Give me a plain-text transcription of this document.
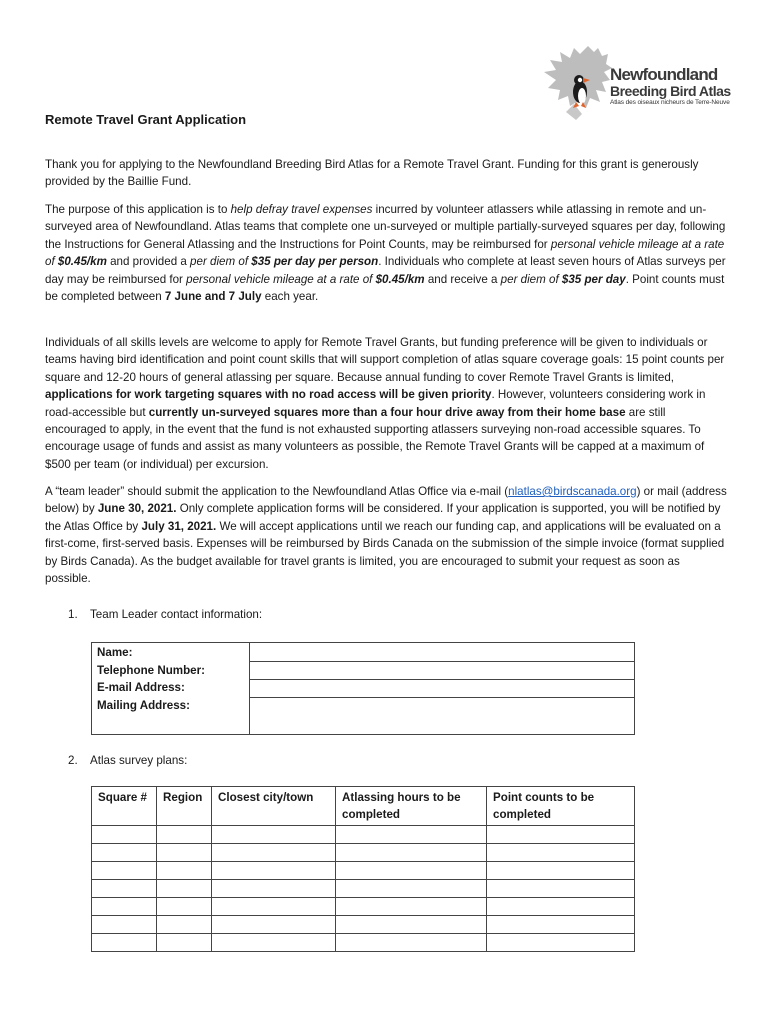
Newfoundland
Breeding Bird Atlas
Atlas des oiseaux nicheurs de Terre-Neuve
Remote Travel Grant Application

Thank you for applying to the Newfoundland Breeding Bird Atlas for a Remote Travel Grant. Funding for this grant is generously provided by the Baillie Fund.

The purpose of this application is to help defray travel expenses incurred by volunteer atlassers while atlassing in remote and un-surveyed area of Newfoundland. Atlas teams that complete one un-surveyed or multiple partially-surveyed squares per day, following the Instructions for General Atlassing and the Instructions for Point Counts, may be reimbursed for personal vehicle mileage at a rate of $0.45/km and provided a per diem of $35 per day per person. Individuals who complete at least seven hours of Atlas surveys per day may be reimbursed for personal vehicle mileage at a rate of $0.45/km and receive a per diem of $35 per day. Point counts must be completed between 7 June and 7 July each year.

Individuals of all skills levels are welcome to apply for Remote Travel Grants, but funding preference will be given to individuals or teams having bird identification and point count skills that will support completion of atlas square coverage goals: 15 point counts per square and 12-20 hours of general atlassing per square. Because annual funding to cover Remote Travel Grants is limited, applications for work targeting squares with no road access will be given priority. However, volunteers considering work in road-accessible but currently un-surveyed squares more than a four hour drive away from their home base are still encouraged to apply, in the event that the fund is not exhausted supporting atlassers surveying non-road accessible squares. To encourage usage of funds and assist as many volunteers as possible, the Remote Travel Grants will be capped at a maximum of $500 per team (or individual) per excursion.

A “team leader” should submit the application to the Newfoundland Atlas Office via e-mail (nlatlas@birdscanada.org) or mail (address below) by June 30, 2021. Only complete application forms will be considered. If your application is supported, you will be notified by the Atlas Office by July 31, 2021. We will accept applications until we reach our funding cap, and applications will be evaluated on a first-come, first-served basis. Expenses will be reimbursed by Birds Canada on the submission of the simple invoice (format supplied by Birds Canada). As the budget available for travel grants is limited, you are encouraged to submit your request as soon as possible.

1. Team Leader contact information:
Name:
Telephone Number:
E-mail Address:
Mailing Address:

2. Atlas survey plans:
Square #	Region	Closest city/town	Atlassing hours to be completed	Point counts to be completed
